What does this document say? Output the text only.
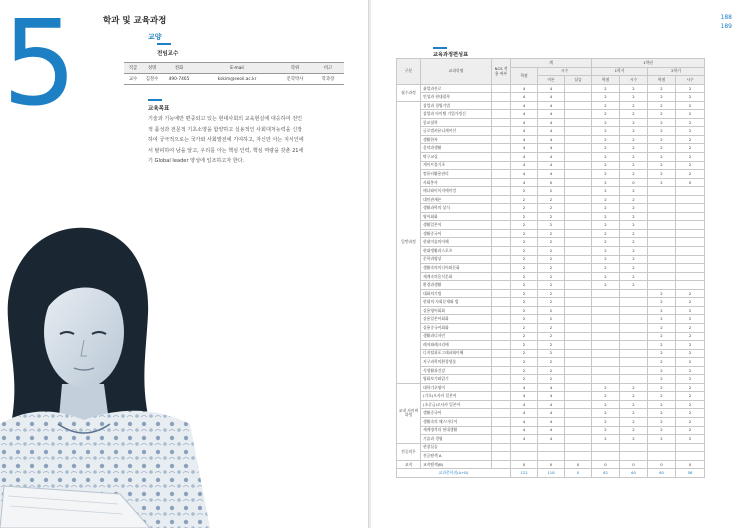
5	학과 및 교육과정
교양
전임교수
직급	성명	전화	E-mail	학위	비고
교수	김철수	490-7465	kskim@seoil.ac.kr	문학박사	학과장
교육목표
기술과 기능에만 편중되고 있는 현대사회의 교육현실에 대응하여 전인적 품성과 전문적 기초소양을 함양하고 실용적인 사회대처능력을 신장하여 궁극적으로는 국가와 사회발전에 기여하고, 자신만 아는 지식인에서 탈피하여 남을 알고, 우리를 아는 핵심 인력, 핵심 역량을 갖춘 21세기 Global leader 양성에 일조하고자 한다.
188
189
교육과정편성표
구분	교과목명	NCS 적용 여부	계			1학년			
			학점	시수		1학기		2학기	
				이론	실습	학점	시수	학점	시수

필수과정	취업과진로		4	4		2	2	2	2
	인성과 현대철학		4	4		2	2	2	2
일반과정	창업과 경영기법		4	4		2	2	2	2
	창업과 아이템 기업가정신		4	4		2	2	2	2
	종교철학		4	4		2	2	2	2
	글로벌커뮤니케이션		4	4		2	2	2	2
	생활한자		4	4		2	2	2	2
	음악과생활		4	4		2	2	2	2
	탁구교실		4	4		2	2	2	2
	게이트볼기초		4	4		2	2	2	2
	컴퓨터활용관리		4	4		2	2	2	2
	사회봉사		4	0		2	0	2	0
	매너와이미지메이킹		2	2		2	2		
	대인관계론		2	2		2	2		
	생활과학의 상식		2	2		2	2		
	영어회화		2	2		2	2		
	생활일본어		2	2		2	2		
	생활중국어		2	2		2	2		
	현대미술의이해		2	2		2	2		
	현대생활과스포츠		2	2		2	2		
	문학과영상		2	2		2	2		
	생활속의미디어와문화		2	2		2	2		
	세계속의음식문화		2	2		2	2		
	환경과생활		2	2		2	2		
	대화의기법		2	2				2	2
	현대의 사회문제와 법		2	2				2	2
	실용영어회화		2	2				2	2
	실용일본어회화		2	2				2	2
	실용중국어회화		2	2				2	2
	생활과디자인		2	2				2	2
	레저와레크리에		2	2				2	2
	디지털과포그래퍼와이해		2	2				2	2
	지구과학의환경생물		2	2				2	2
	식생활과건강		2	2				2	2
	영화보기와읽기		2	2				2	2
교내 사이버 과정	대학기초영어		4	4		2	2	2	2
	(기초)오사카 일본어		4	4		2	2	2	2
	(초중급)오사카 일본어		4	4		2	2	2	2
	생활중국어		4	4		2	2	2	2
	생활속의 헤스미디어		4	4		2	2	2	2
	세계명작과 현대생활		4	4		2	2	2	2
	기술과 경영		4	4		2	2	2	2
전공의무	현장실습								
	전공탐색 A								
교직	교직탐색(B)		0	0	0	0	0	0	0
교과총학점(A+B)			122	118	0	62	60	60	58
